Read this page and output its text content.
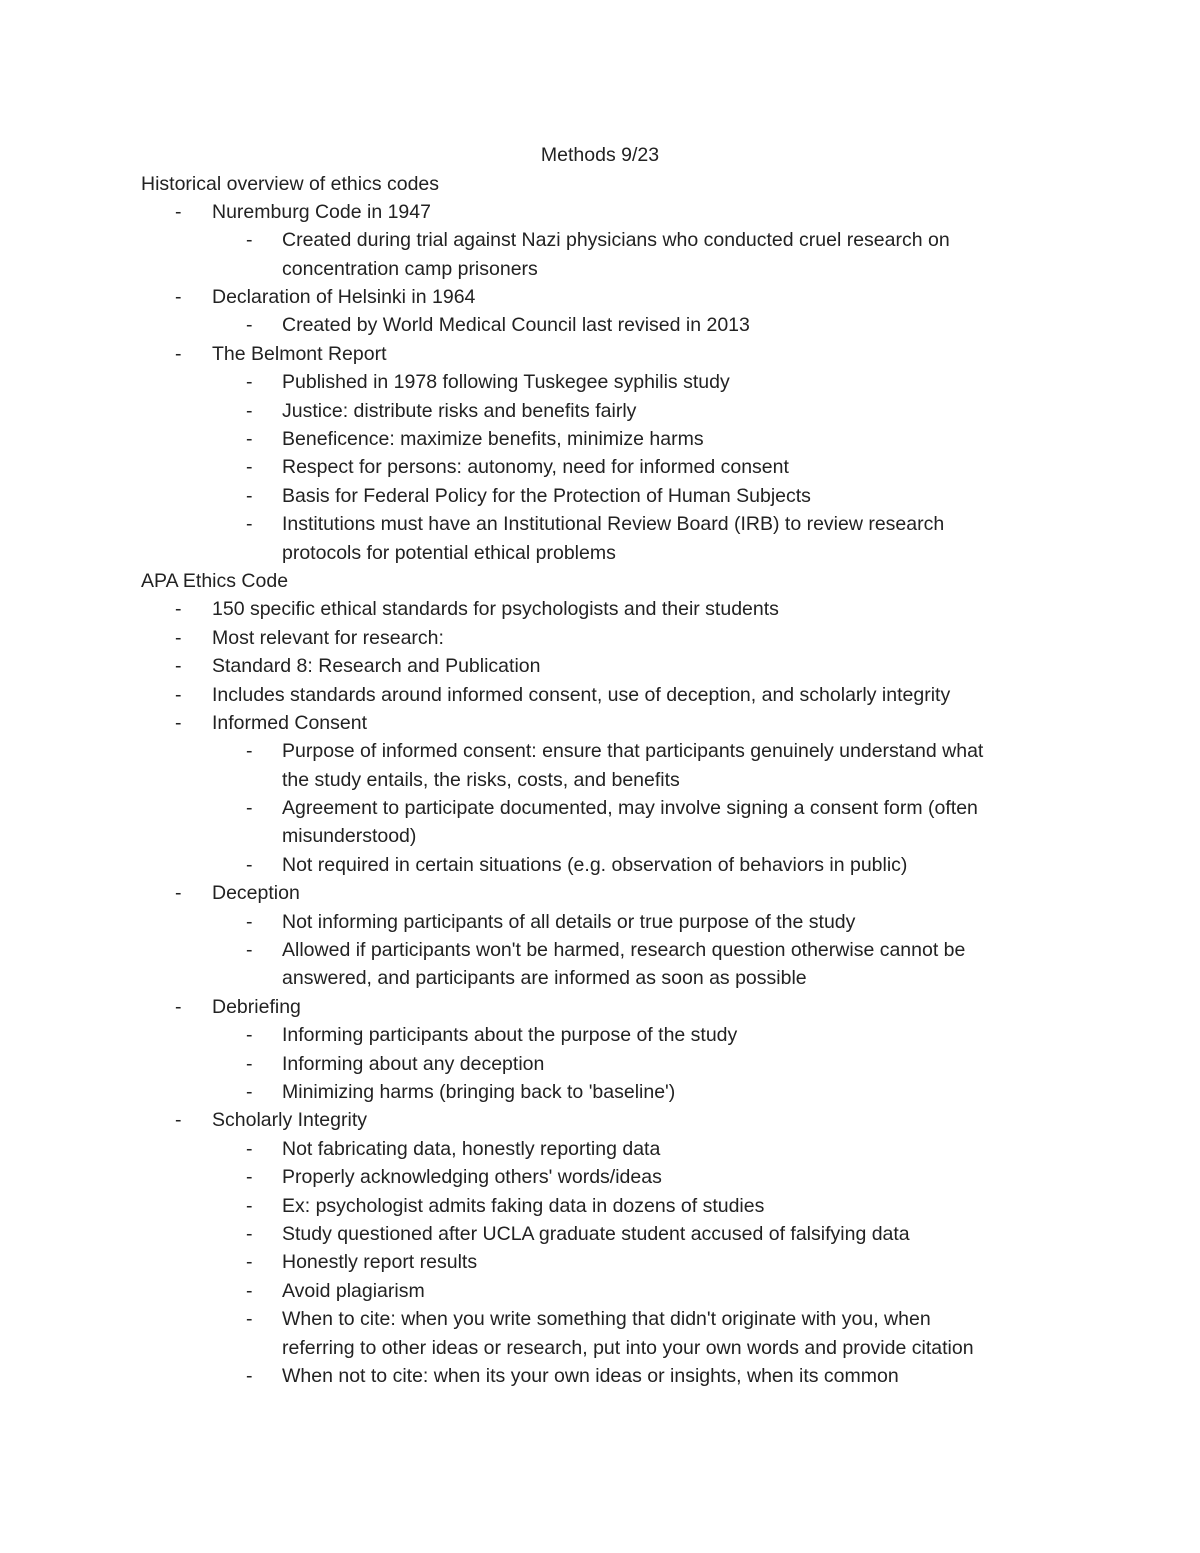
Methods 9/23
Historical overview of ethics codes
- Nuremburg Code in 1947
- Created during trial against Nazi physicians who conducted cruel research on
concentration camp prisoners
- Declaration of Helsinki in 1964
- Created by World Medical Council last revised in 2013
- The Belmont Report
- Published in 1978 following Tuskegee syphilis study
- Justice: distribute risks and benefits fairly
- Beneficence: maximize benefits, minimize harms
- Respect for persons: autonomy, need for informed consent
- Basis for Federal Policy for the Protection of Human Subjects
- Institutions must have an Institutional Review Board (IRB) to review research
protocols for potential ethical problems
APA Ethics Code
- 150 specific ethical standards for psychologists and their students
- Most relevant for research:
- Standard 8: Research and Publication
- Includes standards around informed consent, use of deception, and scholarly integrity
- Informed Consent
- Purpose of informed consent: ensure that participants genuinely understand what
the study entails, the risks, costs, and benefits
- Agreement to participate documented, may involve signing a consent form (often
misunderstood)
- Not required in certain situations (e.g. observation of behaviors in public)
- Deception
- Not informing participants of all details or true purpose of the study
- Allowed if participants won't be harmed, research question otherwise cannot be
answered, and participants are informed as soon as possible
- Debriefing
- Informing participants about the purpose of the study
- Informing about any deception
- Minimizing harms (bringing back to 'baseline')
- Scholarly Integrity
- Not fabricating data, honestly reporting data
- Properly acknowledging others' words/ideas
- Ex: psychologist admits faking data in dozens of studies
- Study questioned after UCLA graduate student accused of falsifying data
- Honestly report results
- Avoid plagiarism
- When to cite: when you write something that didn't originate with you, when
referring to other ideas or research, put into your own words and provide citation
- When not to cite: when its your own ideas or insights, when its common
